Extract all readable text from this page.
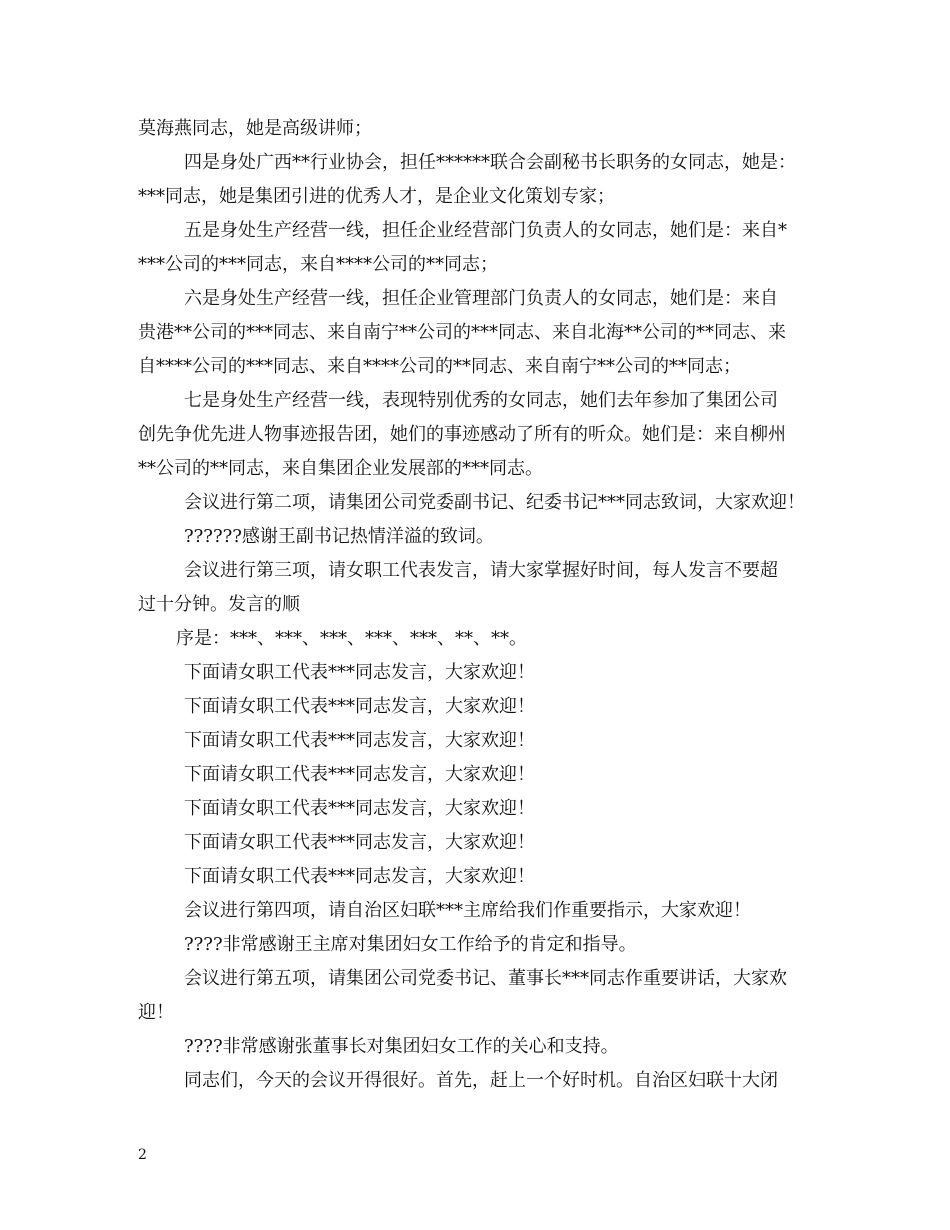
莫海燕同志，她是高级讲师；
四是身处广西**行业协会，担任******联合会副秘书长职务的女同志，她是：
***同志，她是集团引进的优秀人才，是企业文化策划专家；
五是身处生产经营一线，担任企业经营部门负责人的女同志，她们是：来自*
***公司的***同志，来自****公司的**同志；
六是身处生产经营一线，担任企业管理部门负责人的女同志，她们是：来自
贵港**公司的***同志、来自南宁**公司的***同志、来自北海**公司的**同志、来
自****公司的***同志、来自****公司的**同志、来自南宁**公司的**同志；
七是身处生产经营一线，表现特别优秀的女同志，她们去年参加了集团公司
创先争优先进人物事迹报告团，她们的事迹感动了所有的听众。她们是：来自柳州
**公司的**同志，来自集团企业发展部的***同志。
会议进行第二项，请集团公司党委副书记、纪委书记***同志致词，大家欢迎！
??????感谢王副书记热情洋溢的致词。
会议进行第三项，请女职工代表发言，请大家掌握好时间，每人发言不要超
过十分钟。发言的顺
序是：***、***、***、***、***、**、**。
下面请女职工代表***同志发言，大家欢迎！
下面请女职工代表***同志发言，大家欢迎！
下面请女职工代表***同志发言，大家欢迎！
下面请女职工代表***同志发言，大家欢迎！
下面请女职工代表***同志发言，大家欢迎！
下面请女职工代表***同志发言，大家欢迎！
下面请女职工代表***同志发言，大家欢迎！
会议进行第四项，请自治区妇联***主席给我们作重要指示，大家欢迎！
????非常感谢王主席对集团妇女工作给予的肯定和指导。
会议进行第五项，请集团公司党委书记、董事长***同志作重要讲话，大家欢
迎！
????非常感谢张董事长对集团妇女工作的关心和支持。
同志们，今天的会议开得很好。首先，赶上一个好时机。自治区妇联十大闭
2
